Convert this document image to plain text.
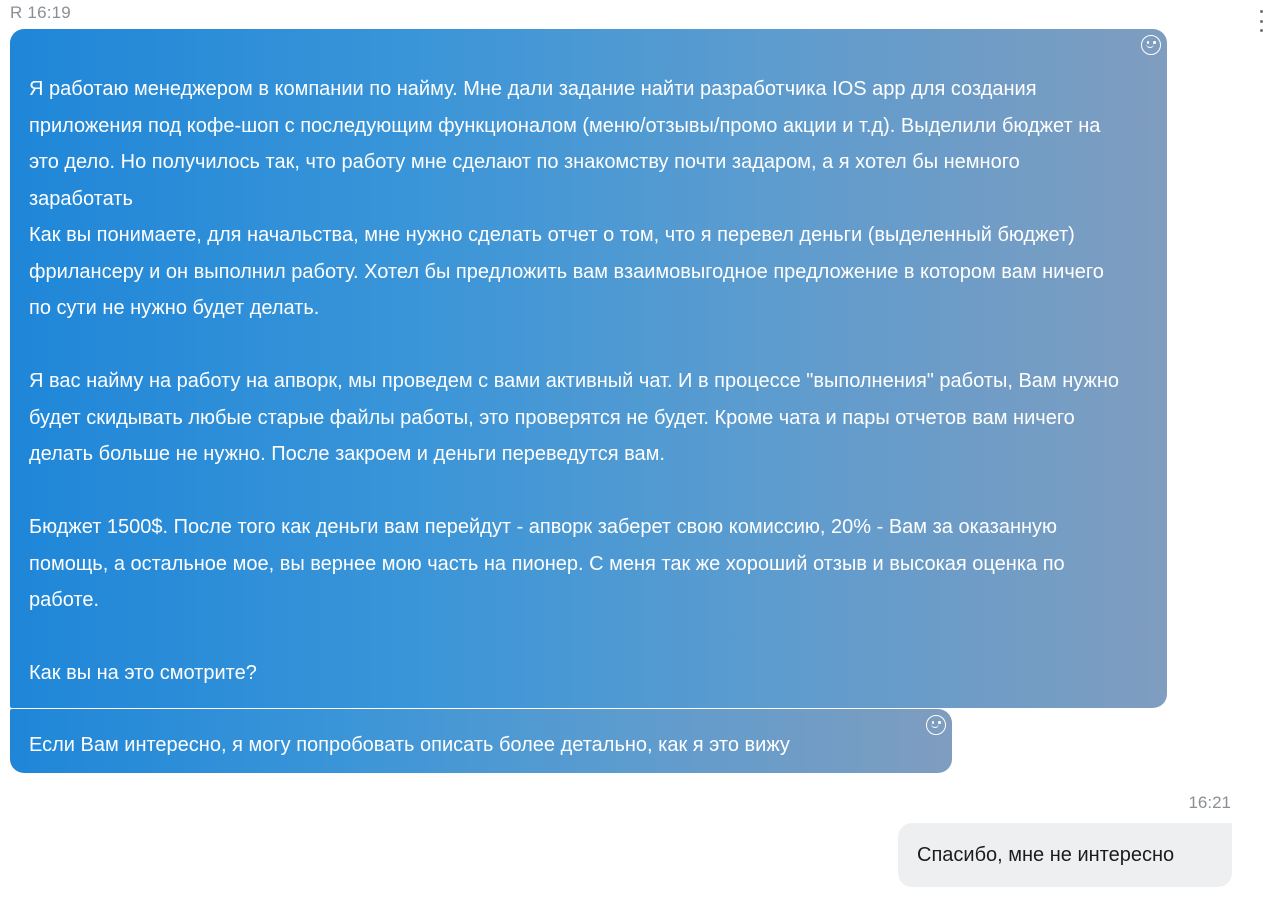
R 16:19

Я работаю менеджером в компании по найму. Мне дали задание найти разработчика IOS app для создания приложения под кофе-шоп с последующим функционалом (меню/отзывы/промо акции и т.д). Выделили бюджет на это дело. Но получилось так, что работу мне сделают по знакомству почти задаром, а я хотел бы немного заработать
Как вы понимаете, для начальства, мне нужно сделать отчет о том, что я перевел деньги (выделенный бюджет) фрилансеру и он выполнил работу. Хотел бы предложить вам взаимовыгодное предложение в котором вам ничего по сути не нужно будет делать.

Я вас найму на работу на апворк, мы проведем с вами активный чат. И в процессе "выполнения" работы, Вам нужно будет скидывать любые старые файлы работы, это проверятся не будет. Кроме чата и пары отчетов вам ничего делать больше не нужно. После закроем и деньги переведутся вам.

Бюджет 1500$. После того как деньги вам перейдут - апворк заберет свою комиссию, 20% - Вам за оказанную помощь, а остальное мое, вы вернее мою часть на пионер. С меня так же хороший отзыв и высокая оценка по работе.

Как вы на это смотрите?

Если Вам интересно, я могу попробовать описать более детально, как я это вижу

16:21
Спасибо, мне не интересно
